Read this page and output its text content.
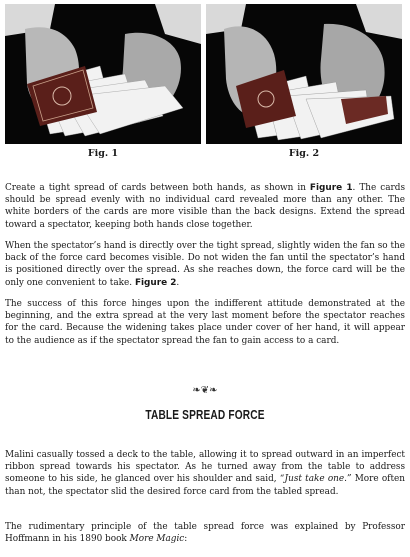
Fig. 1	Fig. 2

Create a tight spread of cards between both hands, as shown in Figure 1. The cards should be spread evenly with no individual card revealed more than any other. The white borders of the cards are more visible than the back designs. Extend the spread toward a spectator, keeping both hands close together.

When the spectator’s hand is directly over the tight spread, slightly widen the fan so the back of the force card becomes visible. Do not widen the fan until the spectator’s hand is positioned directly over the spread. As she reaches down, the force card will be the only one convenient to take. Figure 2.

The success of this force hinges upon the indifferent attitude demonstrated at the beginning, and the extra spread at the very last moment before the spectator reaches for the card. Because the widening takes place under cover of her hand, it will appear to the audience as if the spectator spread the fan to gain access to a card.

❧❦❧
TABLE SPREAD FORCE

Malini casually tossed a deck to the table, allowing it to spread outward in an imperfect ribbon spread towards his spectator. As he turned away from the table to address someone to his side, he glanced over his shoulder and said, “Just take one.” More often than not, the spectator slid the desired force card from the tabled spread.

The rudimentary principle of the table spread force was explained by Professor Hoffmann in his 1890 book More Magic:
